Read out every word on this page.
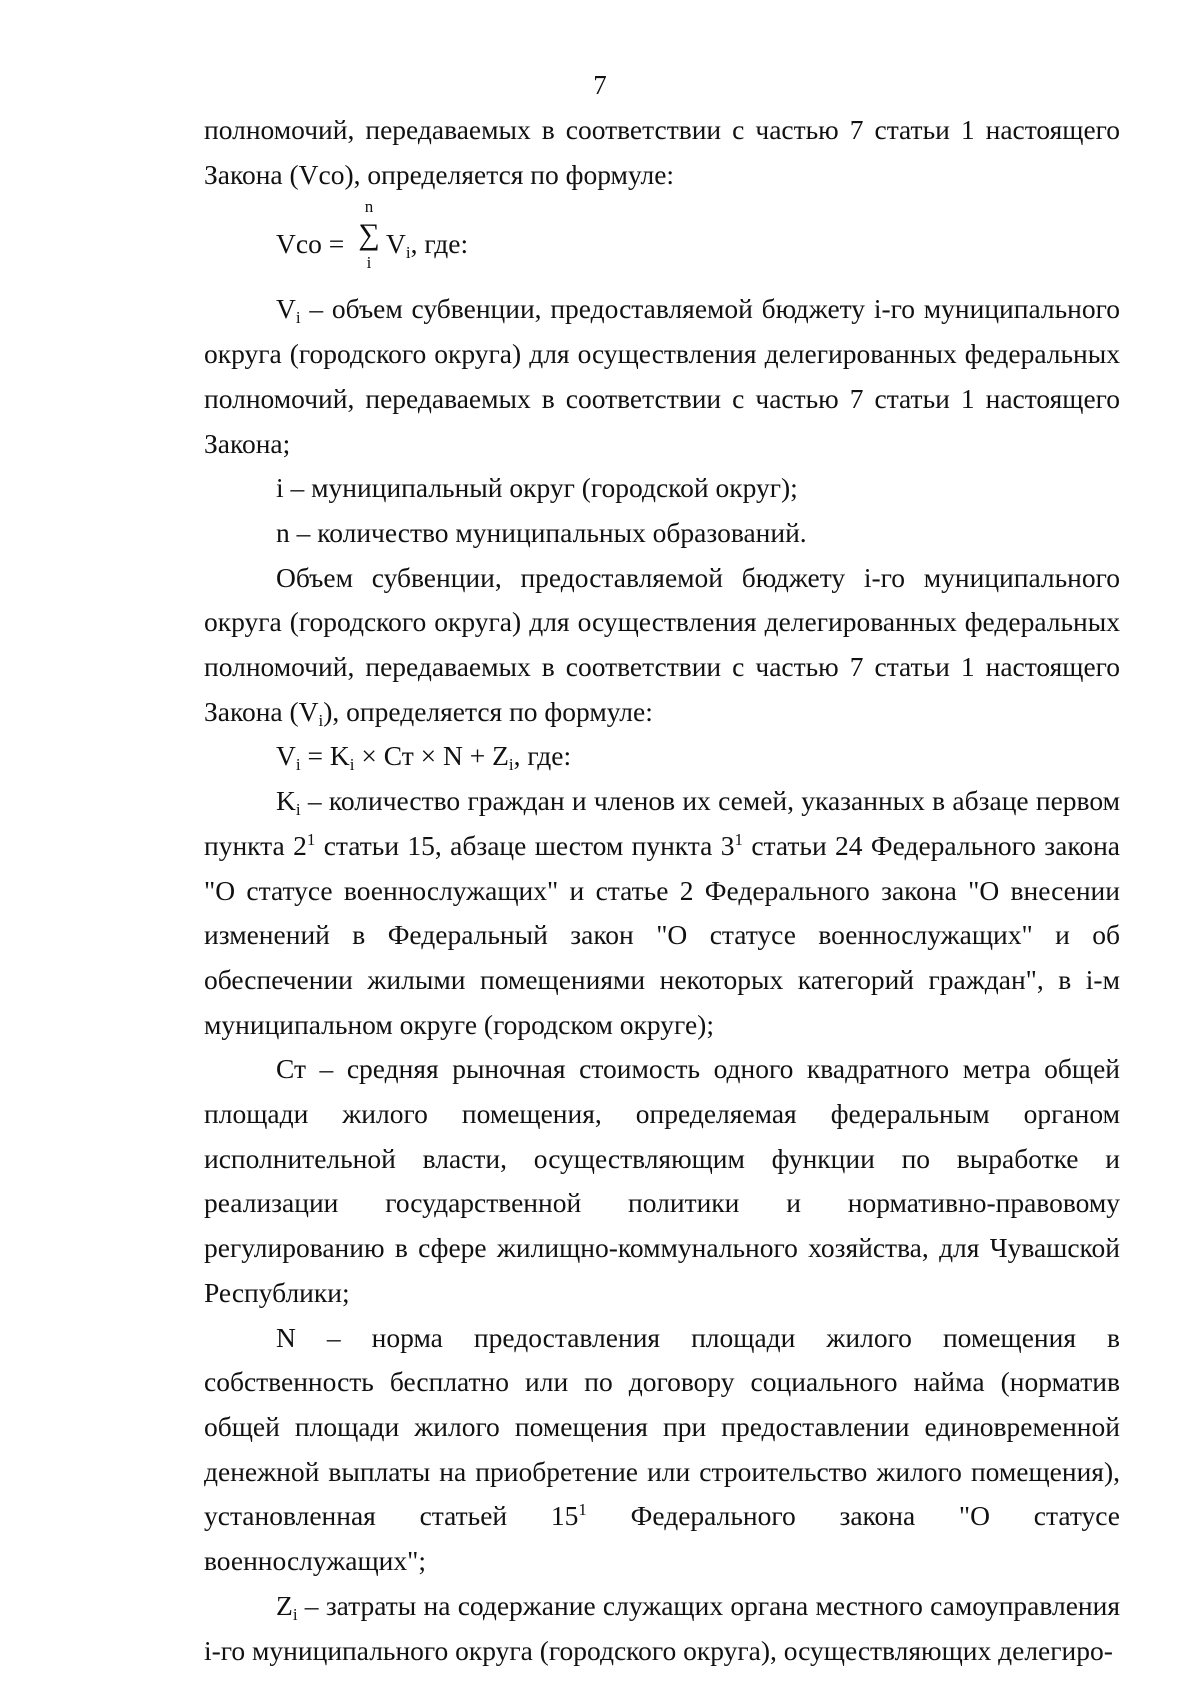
7

полномочий, передаваемых в соответствии с частью 7 статьи 1 настоящего Закона (Vco), определяется по формуле:

Vco =
n
∑
i
$V_i$, где:

$V_i$ – объем субвенции, предоставляемой бюджету i-го муниципального округа (городского округа) для осуществления делегированных федеральных полномочий, передаваемых в соответствии с частью 7 статьи 1 настоящего Закона;

i – муниципальный округ (городской округ);

n – количество муниципальных образований.

Объем субвенции, предоставляемой бюджету i-го муниципального округа (городского округа) для осуществления делегированных федеральных полномочий, передаваемых в соответствии с частью 7 статьи 1 настоящего Закона $(V_i)$, определяется по формуле:

$V_i = K_i$ × Ст × $N + Z_i$, где:

$K_i$ – количество граждан и членов их семей, указанных в абзаце первом пункта $2^1$ статьи 15, абзаце шестом пункта $3^1$ статьи 24 Федерального закона "О статусе военнослужащих" и статье 2 Федерального закона "О внесении изменений в Федеральный закон "О статусе военнослужащих" и об обеспечении жилыми помещениями некоторых категорий граждан", в i-м муниципальном округе (городском округе);

Ст – средняя рыночная стоимость одного квадратного метра общей площади жилого помещения, определяемая федеральным органом исполнительной власти, осуществляющим функции по выработке и реализации государственной политики и нормативно-правовому регулированию в сфере жилищно-коммунального хозяйства, для Чувашской Республики;

N – норма предоставления площади жилого помещения в собственность бесплатно или по договору социального найма (норматив общей площади жилого помещения при предоставлении единовременной денежной выплаты на приобретение или строительство жилого помещения), установленная статьей $15^1$ Федерального закона "О статусе военнослужащих";

$Z_i$ – затраты на содержание служащих органа местного самоуправления i-го муниципального округа (городского округа), осуществляющих делегиро-
